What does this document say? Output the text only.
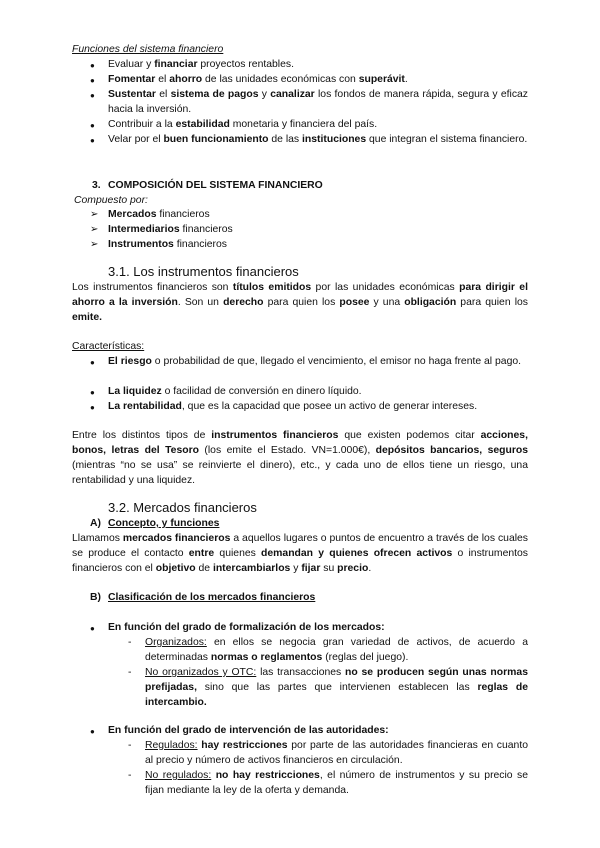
Funciones del sistema financiero
● Evaluar y financiar proyectos rentables.
● Fomentar el ahorro de las unidades económicas con superávit.
● Sustentar el sistema de pagos y canalizar los fondos de manera rápida, segura y eficaz hacia la inversión.
● Contribuir a la estabilidad monetaria y financiera del país.
● Velar por el buen funcionamiento de las instituciones que integran el sistema financiero.
3. COMPOSICIÓN DEL SISTEMA FINANCIERO
Compuesto por:
➢ Mercados financieros
➢ Intermediarios financieros
➢ Instrumentos financieros
3.1. Los instrumentos financieros
Los instrumentos financieros son títulos emitidos por las unidades económicas para dirigir el ahorro a la inversión. Son un derecho para quien los posee y una obligación para quien los emite.
Características:
● El riesgo o probabilidad de que, llegado el vencimiento, el emisor no haga frente al pago.
● La liquidez o facilidad de conversión en dinero líquido.
● La rentabilidad, que es la capacidad que posee un activo de generar intereses.
Entre los distintos tipos de instrumentos financieros que existen podemos citar acciones, bonos, letras del Tesoro (los emite el Estado. VN=1.000€), depósitos bancarios, seguros (mientras “no se usa” se reinvierte el dinero), etc., y cada uno de ellos tiene un riesgo, una rentabilidad y una liquidez.
3.2. Mercados financieros
A) Concepto, y funciones
Llamamos mercados financieros a aquellos lugares o puntos de encuentro a través de los cuales se produce el contacto entre quienes demandan y quienes ofrecen activos o instrumentos financieros con el objetivo de intercambiarlos y fijar su precio.
B) Clasificación de los mercados financieros
● En función del grado de formalización de los mercados:
- Organizados: en ellos se negocia gran variedad de activos, de acuerdo a determinadas normas o reglamentos (reglas del juego).
- No organizados y OTC: las transacciones no se producen según unas normas prefijadas, sino que las partes que intervienen establecen las reglas de intercambio.
● En función del grado de intervención de las autoridades:
- Regulados: hay restricciones por parte de las autoridades financieras en cuanto al precio y número de activos financieros en circulación.
- No regulados: no hay restricciones, el número de instrumentos y su precio se fijan mediante la ley de la oferta y demanda.
